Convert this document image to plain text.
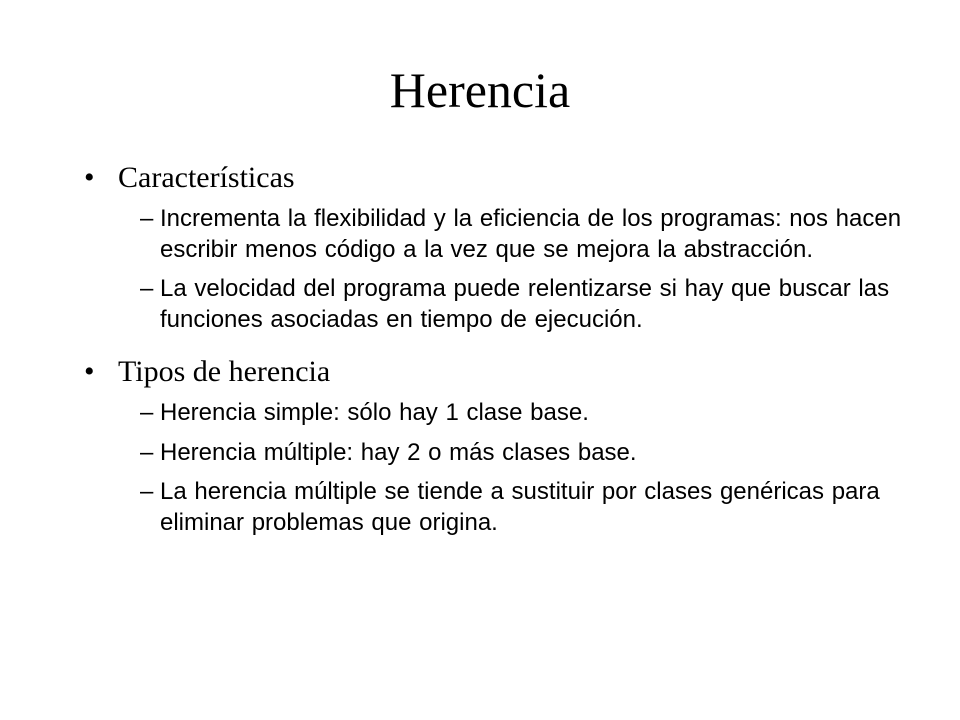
Herencia
• Características
– Incrementa la flexibilidad y la eficiencia de los programas: nos hacen escribir menos código a la vez que se mejora la abstracción.
– La velocidad del programa puede relentizarse si hay que buscar las funciones asociadas en tiempo de ejecución.
• Tipos de herencia
– Herencia simple: sólo hay 1 clase base.
– Herencia múltiple: hay 2 o más clases base.
– La herencia múltiple se tiende a sustituir por clases genéricas para eliminar problemas que origina.
